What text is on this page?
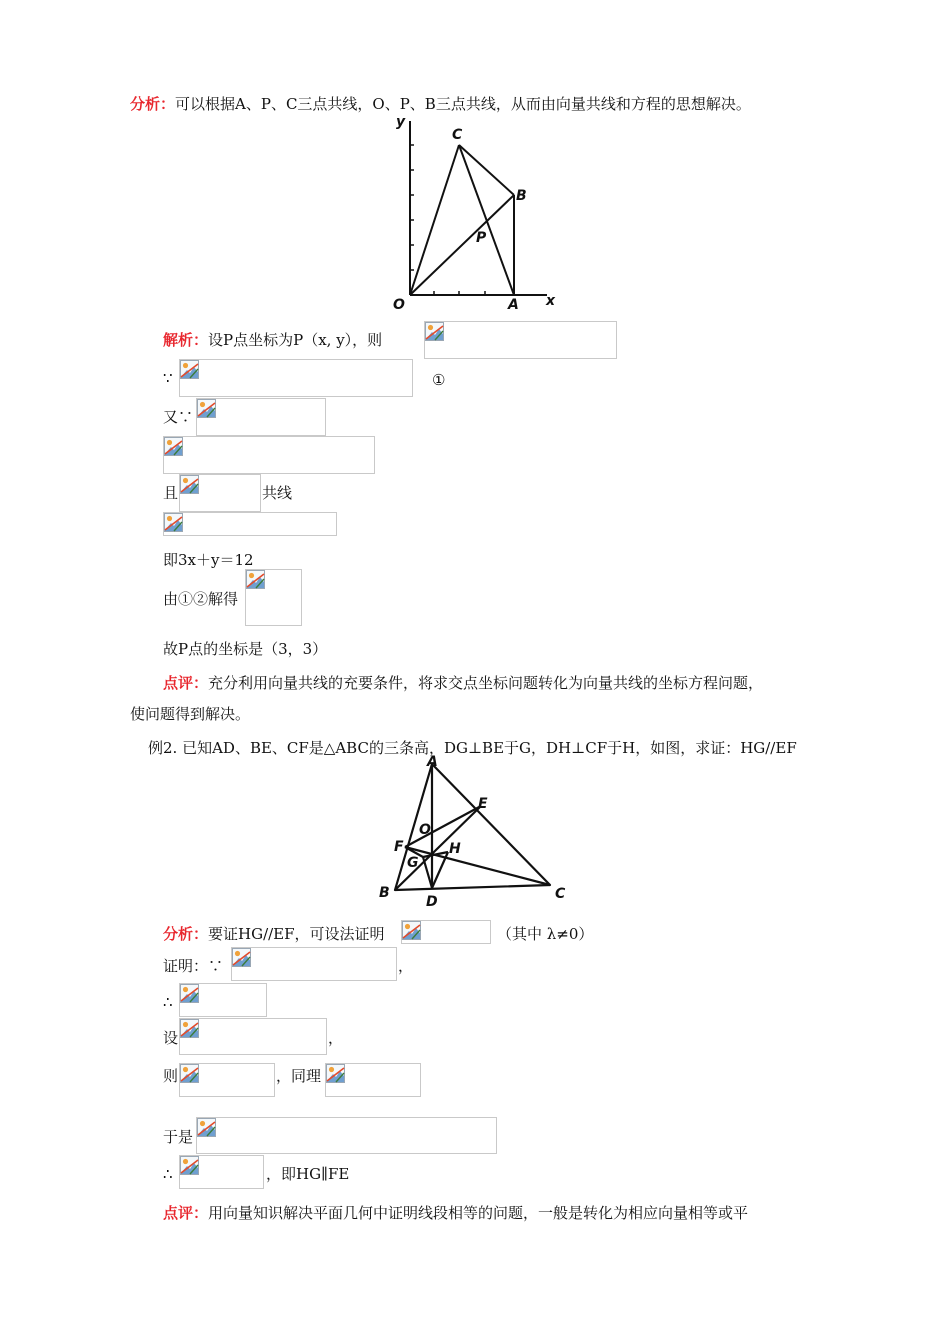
分析：可以根据A、P、C三点共线，O、P、B三点共线，从而由向量共线和方程的思想解决。
y
C
B
P
O	A x
解析：设P点坐标为P（x, y），则
∵	①
又∵
且	共线
即3x＋y＝12
由①②解得
故P点的坐标是（3，3）
点评：充分利用向量共线的充要条件，将求交点坐标问题转化为向量共线的坐标方程问题，
使问题得到解决。
例2. 已知AD、BE、CF是△ABC的三条高，DG⊥BE于G，DH⊥CF于H，如图，求证：HG//EF
A
E
O
F
G
H
B
D	C
分析：要证HG//EF，可设法证明	（其中 λ≠0）
证明：∵	，
∴
设	，
则	，同理
于是
∴	，即HG∥FE
点评：用向量知识解决平面几何中证明线段相等的问题，一般是转化为相应向量相等或平
